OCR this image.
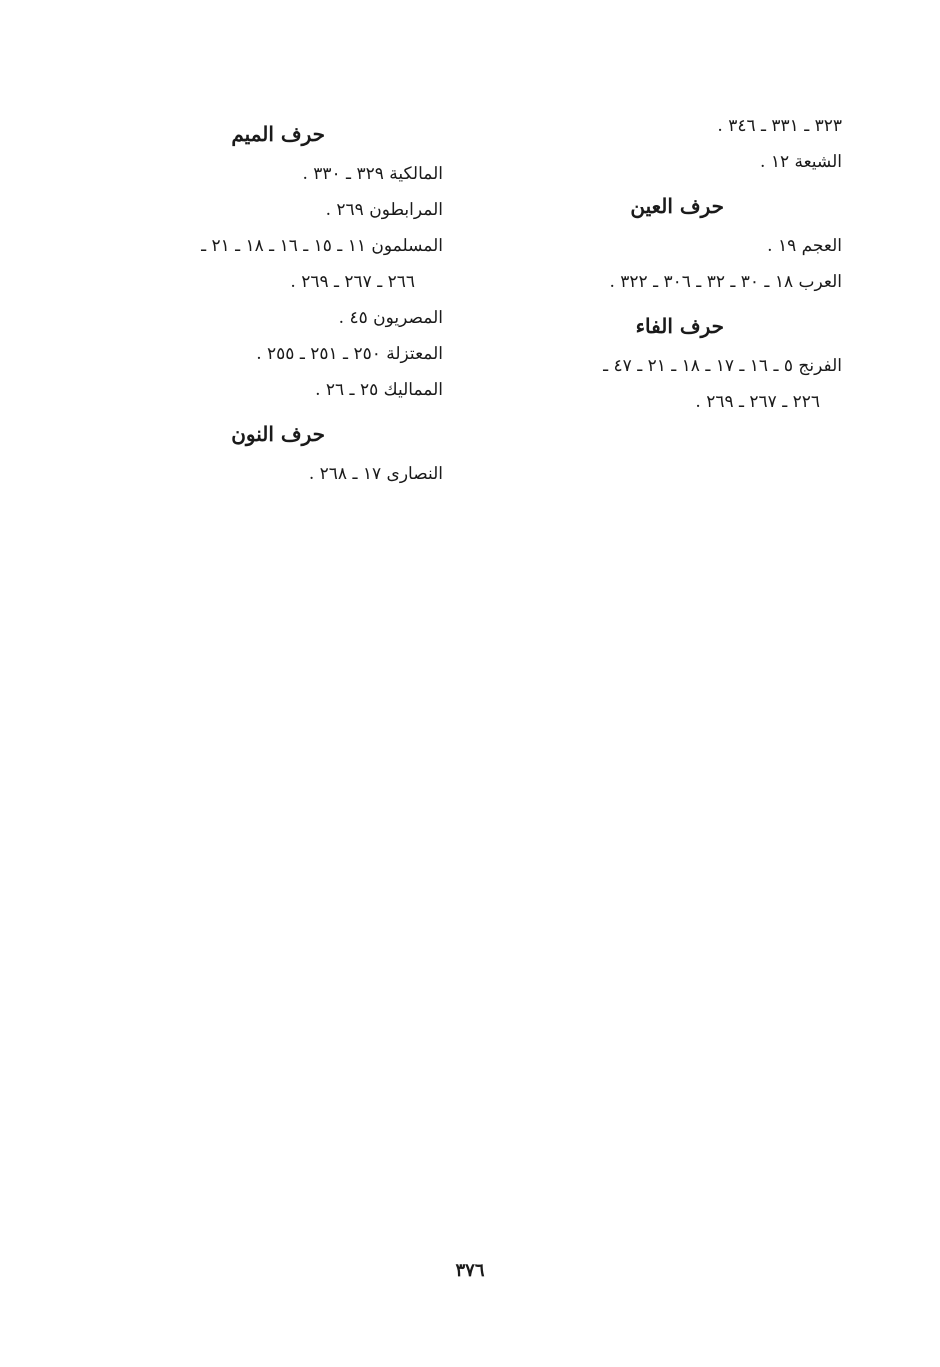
٣٢٣ ـ ٣٣١ ـ ٣٤٦ .
الشيعة ١٢ .
حرف العين
العجم ١٩ .
العرب ١٨ ـ ٣٠ ـ ٣٢ ـ ٣٠٦ ـ ٣٢٢ .
حرف الفاء
الفرنج ٥ ـ ١٦ ـ ١٧ ـ ١٨ ـ ٢١ ـ ٤٧ ـ
٢٢٦ ـ ٢٦٧ ـ ٢٦٩ .
حرف الميم
المالكية ٣٢٩ ـ ٣٣٠ .
المرابطون ٢٦٩ .
المسلمون ١١ ـ ١٥ ـ ١٦ ـ ١٨ ـ ٢١ ـ
٢٦٦ ـ ٢٦٧ ـ ٢٦٩ .
المصريون ٤٥ .
المعتزلة ٢٥٠ ـ ٢٥١ ـ ٢٥٥ .
المماليك ٢٥ ـ ٢٦ .
حرف النون
النصارى ١٧ ـ ٢٦٨ .
٣٧٦
